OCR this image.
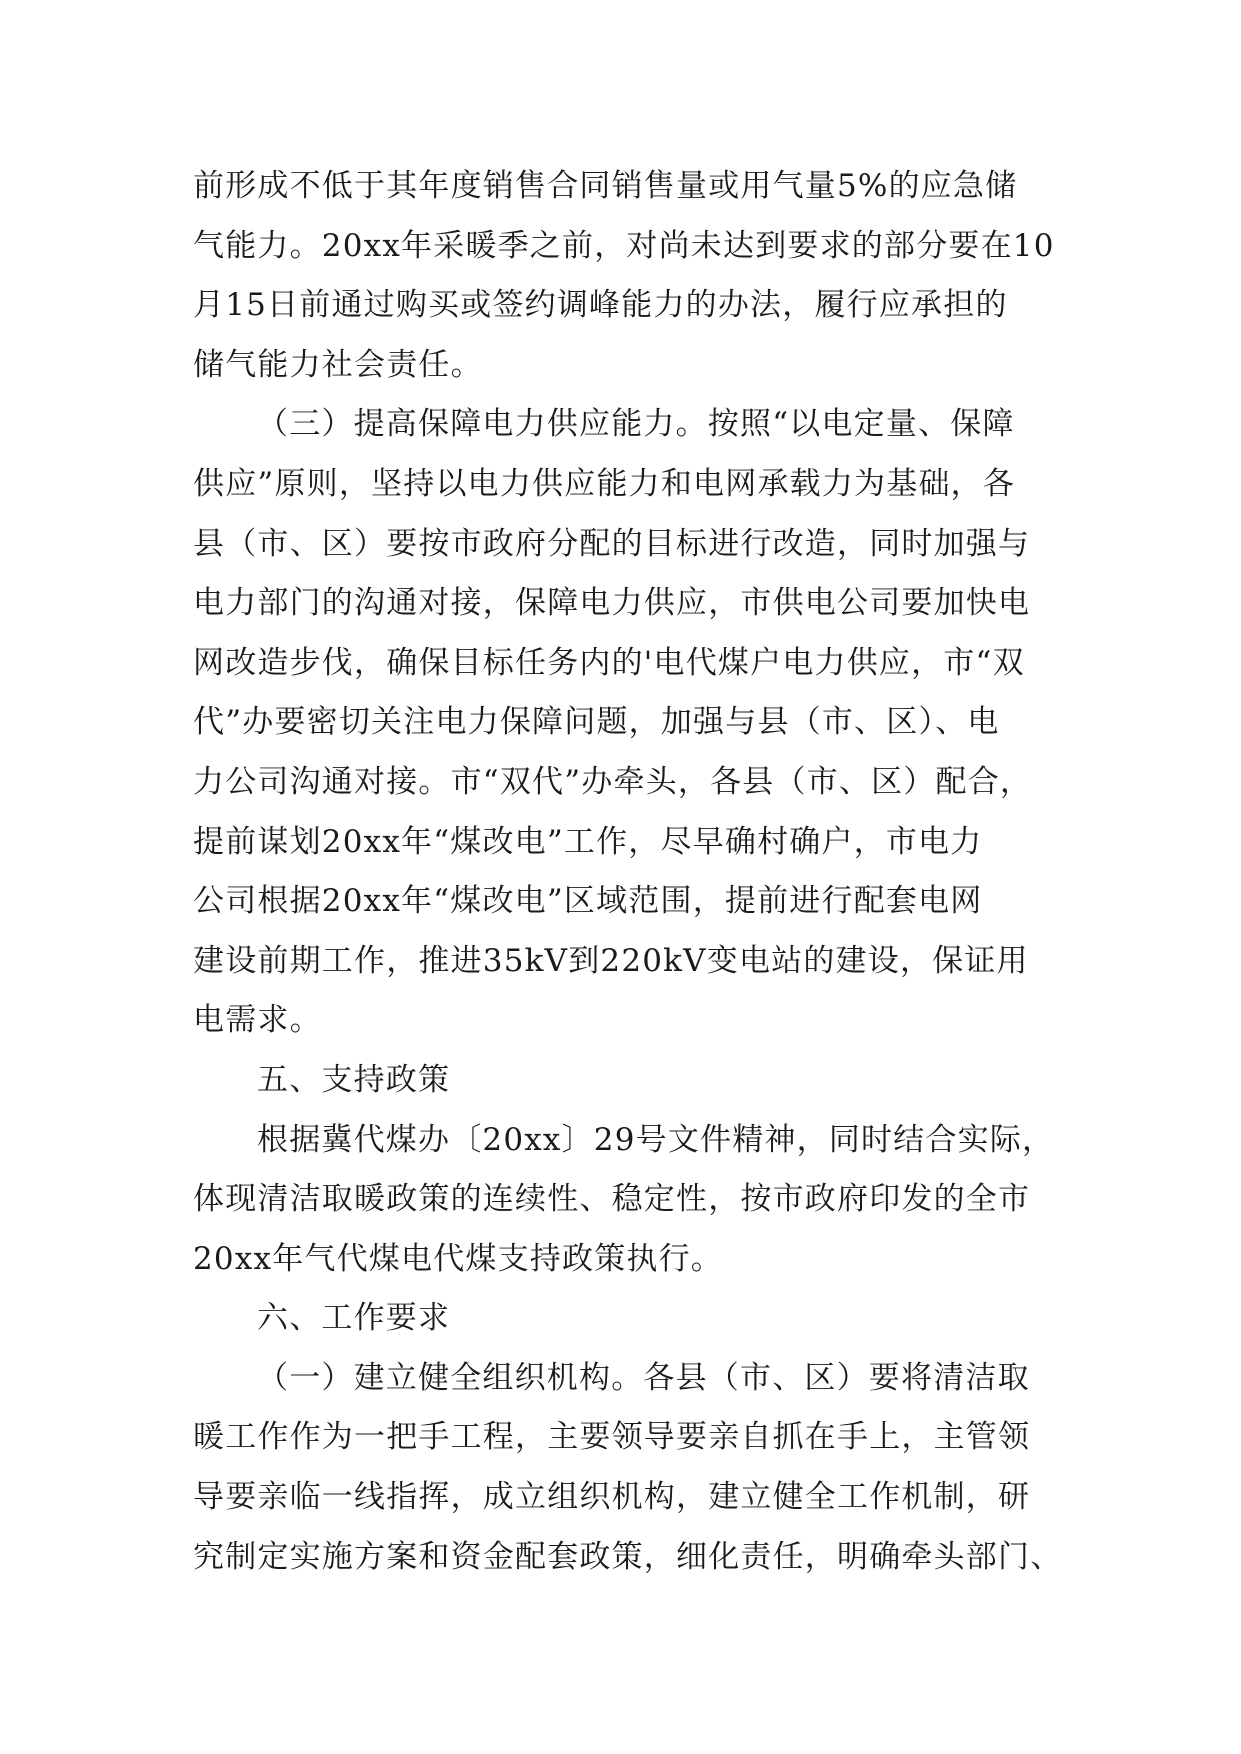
前形成不低于其年度销售合同销售量或用气量5%的应急储
气能力。20xx年采暖季之前，对尚未达到要求的部分要在10
月15日前通过购买或签约调峰能力的办法，履行应承担的
储气能力社会责任。
（三）提高保障电力供应能力。按照“以电定量、保障
供应”原则，坚持以电力供应能力和电网承载力为基础，各
县（市、区）要按市政府分配的目标进行改造，同时加强与
电力部门的沟通对接，保障电力供应，市供电公司要加快电
网改造步伐，确保目标任务内的'电代煤户电力供应，市“双
代”办要密切关注电力保障问题，加强与县（市、区）、电
力公司沟通对接。市“双代”办牵头，各县（市、区）配合，
提前谋划20xx年“煤改电”工作，尽早确村确户，市电力
公司根据20xx年“煤改电”区域范围，提前进行配套电网
建设前期工作，推进35kV到220kV变电站的建设，保证用
电需求。
五、支持政策
根据冀代煤办〔20xx〕29号文件精神，同时结合实际，
体现清洁取暖政策的连续性、稳定性，按市政府印发的全市
20xx年气代煤电代煤支持政策执行。
六、工作要求
（一）建立健全组织机构。各县（市、区）要将清洁取
暖工作作为一把手工程，主要领导要亲自抓在手上，主管领
导要亲临一线指挥，成立组织机构，建立健全工作机制，研
究制定实施方案和资金配套政策，细化责任，明确牵头部门、
